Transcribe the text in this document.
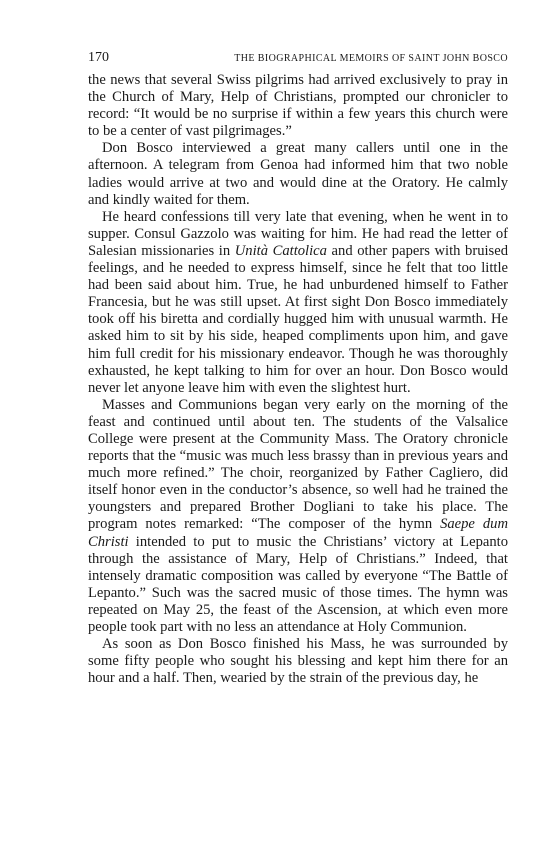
170	THE BIOGRAPHICAL MEMOIRS OF SAINT JOHN BOSCO

the news that several Swiss pilgrims had arrived exclusively to pray in the Church of Mary, Help of Christians, prompted our chronicler to record: “It would be no surprise if within a few years this church were to be a center of vast pilgrimages.”

Don Bosco interviewed a great many callers until one in the afternoon. A telegram from Genoa had informed him that two noble ladies would arrive at two and would dine at the Oratory. He calmly and kindly waited for them.

He heard confessions till very late that evening, when he went in to supper. Consul Gazzolo was waiting for him. He had read the letter of Salesian missionaries in Unità Cattolica and other papers with bruised feelings, and he needed to express himself, since he felt that too little had been said about him. True, he had unburdened himself to Father Francesia, but he was still upset. At first sight Don Bosco immediately took off his biretta and cordially hugged him with unusual warmth. He asked him to sit by his side, heaped compliments upon him, and gave him full credit for his missionary endeavor. Though he was thoroughly exhausted, he kept talking to him for over an hour. Don Bosco would never let anyone leave him with even the slightest hurt.

Masses and Communions began very early on the morning of the feast and continued until about ten. The students of the Valsalice College were present at the Community Mass. The Oratory chronicle reports that the “music was much less brassy than in previous years and much more refined.” The choir, reorganized by Father Cagliero, did itself honor even in the conductor’s absence, so well had he trained the youngsters and prepared Brother Dogliani to take his place. The program notes remarked: “The composer of the hymn Saepe dum Christi intended to put to music the Christians’ victory at Lepanto through the assistance of Mary, Help of Christians.” Indeed, that intensely dramatic composition was called by everyone “The Battle of Lepanto.” Such was the sacred music of those times. The hymn was repeated on May 25, the feast of the Ascension, at which even more people took part with no less an attendance at Holy Communion.

As soon as Don Bosco finished his Mass, he was surrounded by some fifty people who sought his blessing and kept him there for an hour and a half. Then, wearied by the strain of the previous day, he
